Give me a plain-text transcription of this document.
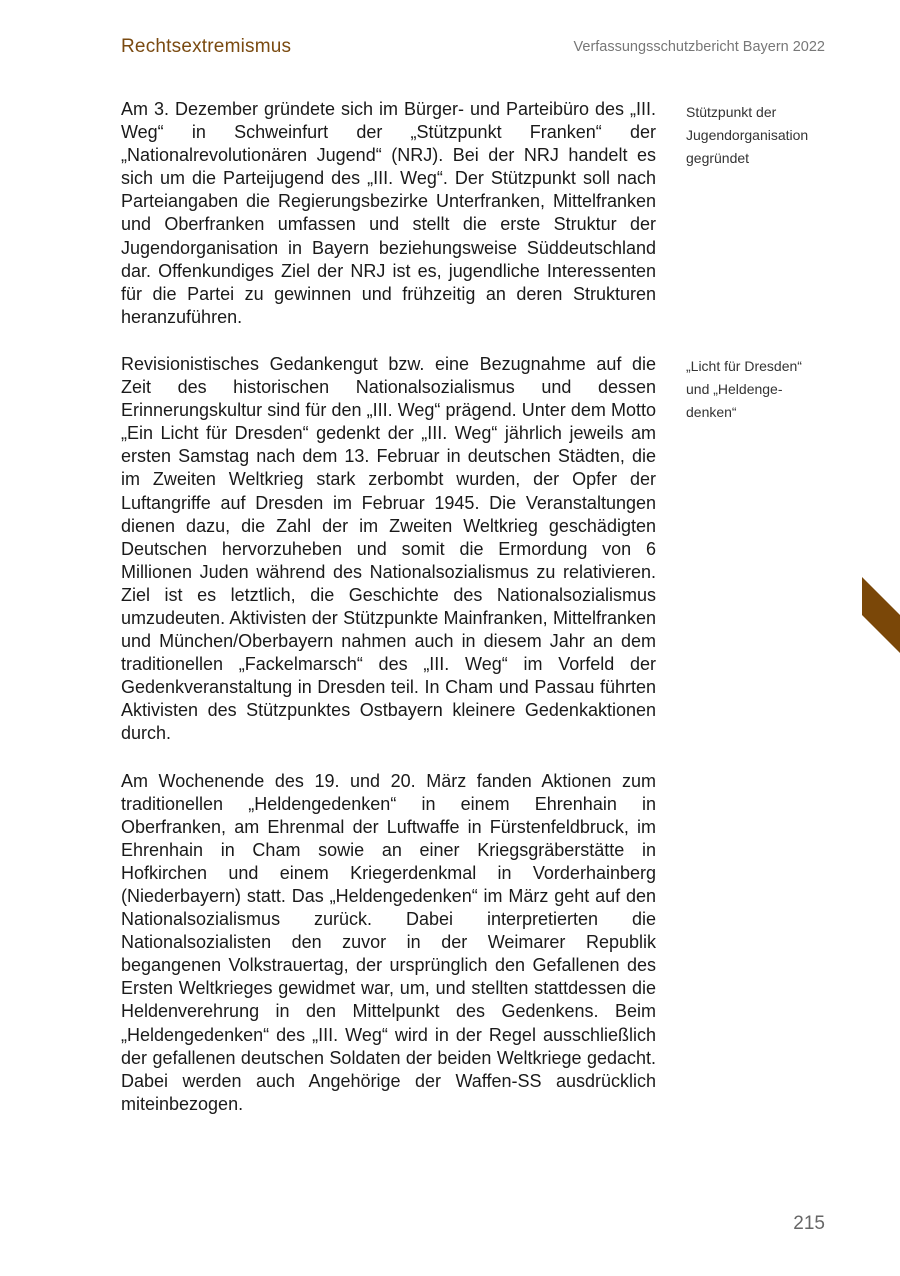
Rechtsextremismus	Verfassungsschutzbericht Bayern 2022

Am 3. Dezember gründete sich im Bürger- und Parteibüro des „III. Weg“ in Schweinfurt der „Stützpunkt Franken“ der „Nationalrevolutionären Jugend“ (NRJ). Bei der NRJ handelt es sich um die Parteijugend des „III. Weg“. Der Stützpunkt soll nach Parteiangaben die Regierungsbezirke Unterfranken, Mittelfranken und Oberfranken umfassen und stellt die erste Struktur der Jugendorganisation in Bayern beziehungsweise Süddeutschland dar. Offenkundiges Ziel der NRJ ist es, jugendliche Interessenten für die Partei zu gewinnen und frühzeitig an deren Strukturen heranzuführen.

Revisionistisches Gedankengut bzw. eine Bezugnahme auf die Zeit des historischen Nationalsozialismus und dessen Erinnerungskultur sind für den „III. Weg“ prägend. Unter dem Motto „Ein Licht für Dresden“ gedenkt der „III. Weg“ jährlich jeweils am ersten Samstag nach dem 13. Februar in deutschen Städten, die im Zweiten Weltkrieg stark zerbombt wurden, der Opfer der Luftangriffe auf Dresden im Februar 1945. Die Veranstaltungen dienen dazu, die Zahl der im Zweiten Weltkrieg geschädigten Deutschen hervorzuheben und somit die Ermordung von 6 Millionen Juden während des Nationalsozialismus zu relativieren. Ziel ist es letztlich, die Geschichte des Nationalsozialismus umzudeuten. Aktivisten der Stützpunkte Mainfranken, Mittelfranken und München/Oberbayern nahmen auch in diesem Jahr an dem traditionellen „Fackelmarsch“ des „III. Weg“ im Vorfeld der Gedenkveranstaltung in Dresden teil. In Cham und Passau führten Aktivisten des Stützpunktes Ostbayern kleinere Gedenkaktionen durch.

Am Wochenende des 19. und 20. März fanden Aktionen zum traditionellen „Heldengedenken“ in einem Ehrenhain in Oberfranken, am Ehrenmal der Luftwaffe in Fürstenfeldbruck, im Ehrenhain in Cham sowie an einer Kriegsgräberstätte in Hofkirchen und einem Kriegerdenkmal in Vorderhainberg (Niederbayern) statt. Das „Heldengedenken“ im März geht auf den Nationalsozialismus zurück. Dabei interpretierten die Nationalsozialisten den zuvor in der Weimarer Republik begangenen Volkstrauertag, der ursprünglich den Gefallenen des Ersten Weltkrieges gewidmet war, um, und stellten stattdessen die Heldenverehrung in den Mittelpunkt des Gedenkens. Beim „Heldengedenken“ des „III. Weg“ wird in der Regel ausschließlich der gefallenen deutschen Soldaten der beiden Weltkriege gedacht. Dabei werden auch Angehörige der Waffen-SS ausdrücklich miteinbezogen.

Stützpunkt der
Jugendorganisation
gegründet
„Licht für Dresden“
und „Heldenge-
denken“
215
